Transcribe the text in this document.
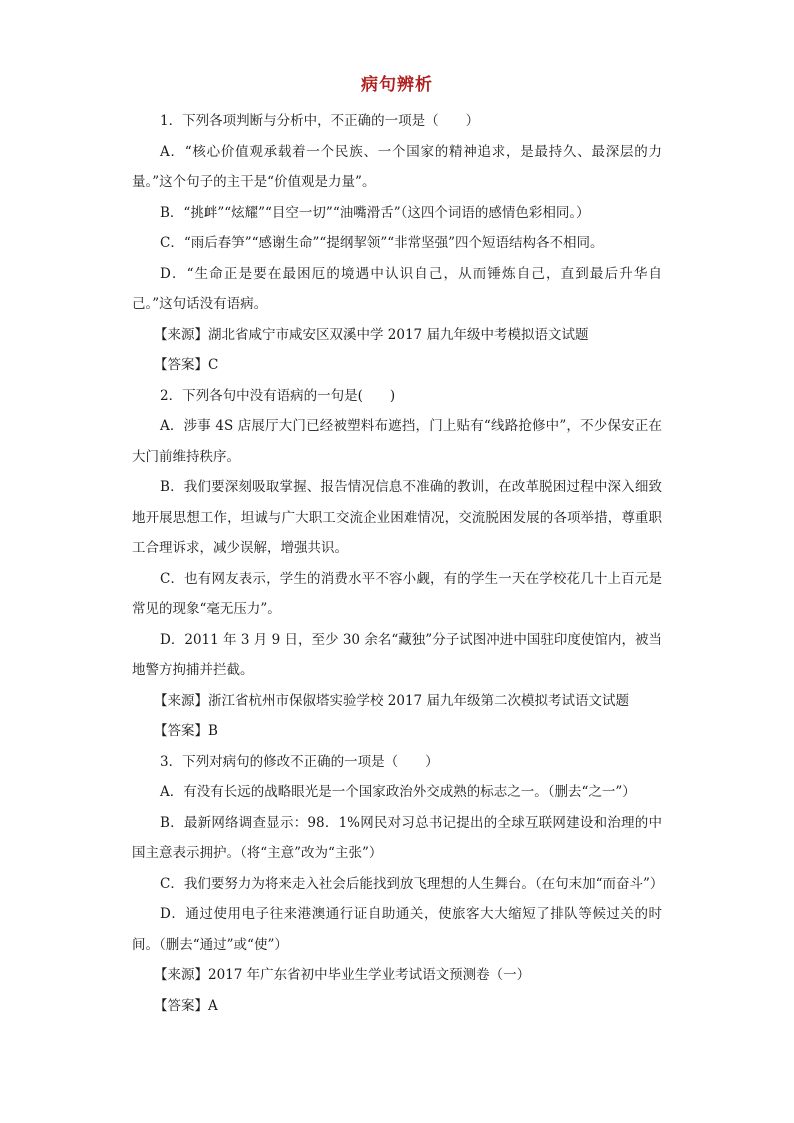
病句辨析

1．下列各项判断与分析中，不正确的一项是（　　）

A．“核心价值观承载着一个民族、一个国家的精神追求，是最持久、最深层的力量。”这个句子的主干是“价值观是力量”。

B．“挑衅”“炫耀”“目空一切”“油嘴滑舌”（这四个词语的感情色彩相同。）

C．“雨后春笋”“感谢生命”“提纲挈领”“非常坚强”四个短语结构各不相同。

D．“生命正是要在最困厄的境遇中认识自己，从而锤炼自己，直到最后升华自己。”这句话没有语病。

【来源】湖北省咸宁市咸安区双溪中学 2017 届九年级中考模拟语文试题

【答案】C

2．下列各句中没有语病的一句是(　　)

A．涉事 4S 店展厅大门已经被塑料布遮挡，门上贴有“线路抢修中”，不少保安正在大门前维持秩序。

B．我们要深刻吸取掌握、报告情况信息不准确的教训，在改革脱困过程中深入细致地开展思想工作，坦诚与广大职工交流企业困难情况，交流脱困发展的各项举措，尊重职工合理诉求，减少误解，增强共识。

C．也有网友表示，学生的消费水平不容小觑，有的学生一天在学校花几十上百元是常见的现象“毫无压力”。

D．2011 年 3 月 9 日，至少 30 余名“藏独”分子试图冲进中国驻印度使馆内，被当地警方拘捕并拦截。

【来源】浙江省杭州市保俶塔实验学校 2017 届九年级第二次模拟考试语文试题

【答案】B

3．下列对病句的修改不正确的一项是（　　）

A．有没有长远的战略眼光是一个国家政治外交成熟的标志之一。（删去“之一”）

B．最新网络调查显示：98．1%网民对习总书记提出的全球互联网建设和治理的中国主意表示拥护。（将“主意”改为“主张”）

C．我们要努力为将来走入社会后能找到放飞理想的人生舞台。（在句末加“而奋斗”）

D．通过使用电子往来港澳通行证自助通关，使旅客大大缩短了排队等候过关的时间。（删去“通过”或“使”）

【来源】2017 年广东省初中毕业生学业考试语文预测卷（一）

【答案】A
